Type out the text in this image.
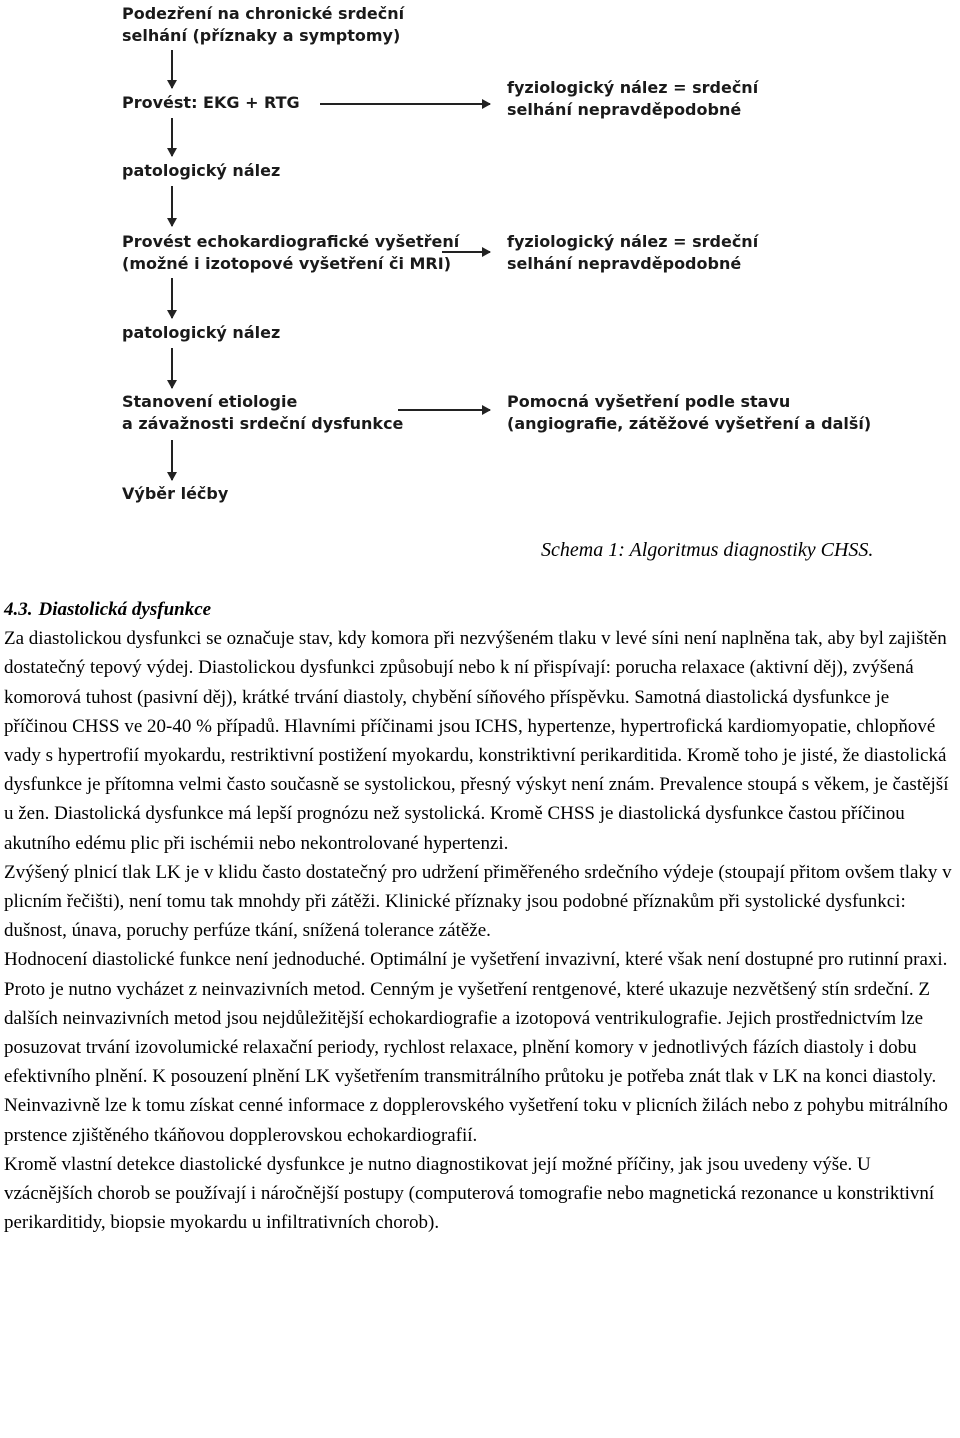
Podezření na chronické srdeční
selhání (příznaky a symptomy)
Provést: EKG + RTG
fyziologický nález = srdeční
selhání nepravděpodobné
patologický nález
Provést echokardiografické vyšetření
(možné i izotopové vyšetření či MRI)
fyziologický nález = srdeční
selhání nepravděpodobné
patologický nález
Stanovení etiologie
a závažnosti srdeční dysfunkce
Pomocná vyšetření podle stavu
(angiografie, zátěžové vyšetření a další)
Výběr léčby
Schema 1: Algoritmus diagnostiky CHSS.

4.3. Diastolická dysfunkce

Za diastolickou dysfunkci se označuje stav, kdy komora při nezvýšeném tlaku v levé síni není naplněna tak, aby byl zajištěn dostatečný tepový výdej. Diastolickou dysfunkci způsobují nebo k ní přispívají: porucha relaxace (aktivní děj), zvýšená komorová tuhost (pasivní děj), krátké trvání diastoly, chybění síňového příspěvku. Samotná diastolická dysfunkce je příčinou CHSS ve 20-40 % případů. Hlavními příčinami jsou ICHS, hypertenze, hypertrofická kardiomyopatie, chlopňové vady s hypertrofií myokardu, restriktivní postižení myokardu, konstriktivní perikarditida. Kromě toho je jisté, že diastolická dysfunkce je přítomna velmi často současně se systolickou, přesný výskyt není znám. Prevalence stoupá s věkem, je častější u žen. Diastolická dysfunkce má lepší prognózu než systolická. Kromě CHSS je diastolická dysfunkce častou příčinou akutního edému plic při ischémii nebo nekontrolované hypertenzi.

Zvýšený plnicí tlak LK je v klidu často dostatečný pro udržení přiměřeného srdečního výdeje (stoupají přitom ovšem tlaky v plicním řečišti), není tomu tak mnohdy při zátěži. Klinické příznaky jsou podobné příznakům při systolické dysfunkci: dušnost, únava, poruchy perfúze tkání, snížená tolerance zátěže.

Hodnocení diastolické funkce není jednoduché. Optimální je vyšetření invazivní, které však není dostupné pro rutinní praxi. Proto je nutno vycházet z neinvazivních metod. Cenným je vyšetření rentgenové, které ukazuje nezvětšený stín srdeční. Z dalších neinvazivních metod jsou nejdůležitější echokardiografie a izotopová ventrikulografie. Jejich prostřednictvím lze posuzovat trvání izovolumické relaxační periody, rychlost relaxace, plnění komory v jednotlivých fázích diastoly i dobu efektivního plnění. K posouzení plnění LK vyšetřením transmitrálního průtoku je potřeba znát tlak v LK na konci diastoly. Neinvazivně lze k tomu získat cenné informace z dopplerovského vyšetření toku v plicních žilách nebo z pohybu mitrálního prstence zjištěného tkáňovou dopplerovskou echokardiografií.

Kromě vlastní detekce diastolické dysfunkce je nutno diagnostikovat její možné příčiny, jak jsou uvedeny výše. U vzácnějších chorob se používají i náročnější postupy (computerová tomografie nebo magnetická rezonance u konstriktivní perikarditidy, biopsie myokardu u infiltrativních chorob).
